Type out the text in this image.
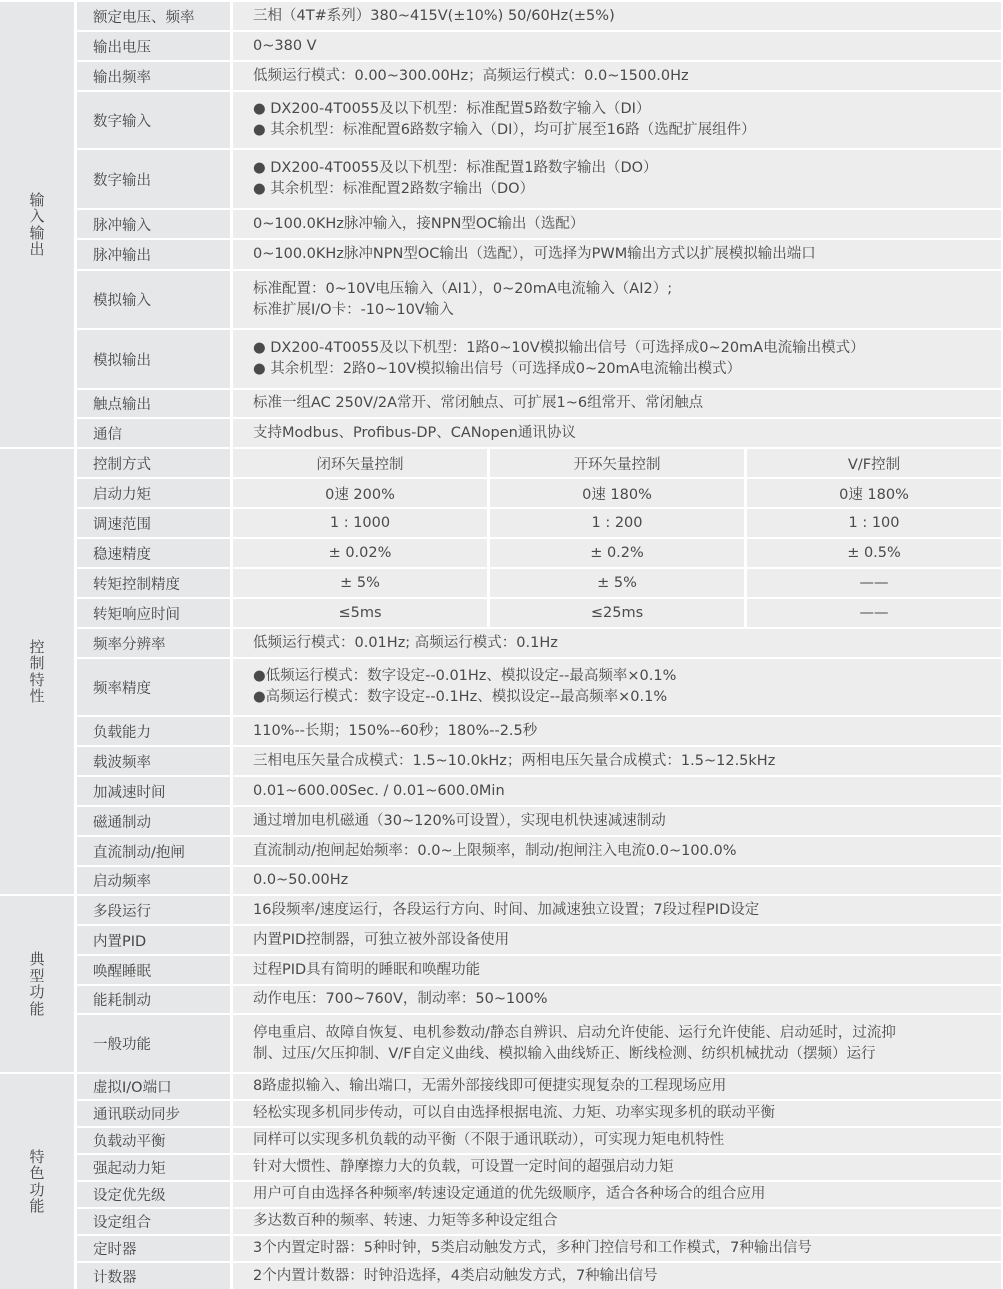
输
入
输
出
额定电压、频率	三相（4T#系列）380~415V(±10%) 50/60Hz(±5%)
输出电压	0~380 V
输出频率	低频运行模式：0.00~300.00Hz；高频运行模式：0.0~1500.0Hz
数字输入
● DX200-4T0055及以下机型：标准配置5路数字输入（DI）
● 其余机型：标准配置6路数字输入（DI），均可扩展至16路（选配扩展组件）
数字输出
● DX200-4T0055及以下机型：标准配置1路数字输出（DO）
● 其余机型：标准配置2路数字输出（DO）
脉冲输入	0~100.0KHz脉冲输入，接NPN型OC输出（选配）
脉冲输出	0~100.0KHz脉冲NPN型OC输出（选配），可选择为PWM输出方式以扩展模拟输出端口
模拟输入
标准配置：0~10V电压输入（AI1），0~20mA电流输入（AI2）;
标准扩展I/O卡：-10~10V输入
模拟输出
● DX200-4T0055及以下机型：1路0~10V模拟输出信号（可选择成0~20mA电流输出模式）
● 其余机型：2路0~10V模拟输出信号（可选择成0~20mA电流输出模式）
触点输出	标准一组AC 250V/2A常开、常闭触点、可扩展1~6组常开、常闭触点
通信	支持Modbus、Profibus-DP、CANopen通讯协议
控
制
特
性
控制方式	闭环矢量控制	开环矢量控制	V/F控制
启动力矩	0速 200%	0速 180%	0速 180%
调速范围	1 : 1000	1 : 200	1 : 100
稳速精度	± 0.02%	± 0.2%	± 0.5%
转矩控制精度	± 5%	± 5%	——
转矩响应时间	≤5ms	≤25ms	——
频率分辨率	低频运行模式：0.01Hz; 高频运行模式：0.1Hz
频率精度
●低频运行模式：数字设定--0.01Hz、模拟设定--最高频率×0.1%
●高频运行模式：数字设定--0.1Hz、模拟设定--最高频率×0.1%
负载能力	110%--长期；150%--60秒；180%--2.5秒
载波频率	三相电压矢量合成模式：1.5~10.0kHz；两相电压矢量合成模式：1.5~12.5kHz
加减速时间	0.01~600.00Sec. / 0.01~600.0Min
磁通制动	通过增加电机磁通（30~120%可设置），实现电机快速减速制动
直流制动/抱闸	直流制动/抱闸起始频率：0.0~上限频率，制动/抱闸注入电流0.0~100.0%
启动频率	0.0~50.00Hz
典
型
功
能
多段运行	16段频率/速度运行，各段运行方向、时间、加减速独立设置；7段过程PID设定
内置PID	内置PID控制器，可独立被外部设备使用
唤醒睡眠	过程PID具有简明的睡眠和唤醒功能
能耗制动	动作电压：700~760V，制动率：50~100%
一般功能
停电重启、故障自恢复、电机参数动/静态自辨识、启动允许使能、运行允许使能、启动延时，过流抑
制、过压/欠压抑制、V/F自定义曲线、模拟输入曲线矫正、断线检测、纺织机械扰动（摆频）运行
特
色
功
能
虚拟I/O端口	8路虚拟输入、输出端口，无需外部接线即可便捷实现复杂的工程现场应用
通讯联动同步	轻松实现多机同步传动，可以自由选择根据电流、力矩、功率实现多机的联动平衡
负载动平衡	同样可以实现多机负载的动平衡（不限于通讯联动），可实现力矩电机特性
强起动力矩	针对大惯性、静摩擦力大的负载，可设置一定时间的超强启动力矩
设定优先级	用户可自由选择各种频率/转速设定通道的优先级顺序，适合各种场合的组合应用
设定组合	多达数百种的频率、转速、力矩等多种设定组合
定时器	3个内置定时器：5种时钟，5类启动触发方式，多种门控信号和工作模式，7种输出信号
计数器	2个内置计数器：时钟沿选择，4类启动触发方式，7种输出信号
